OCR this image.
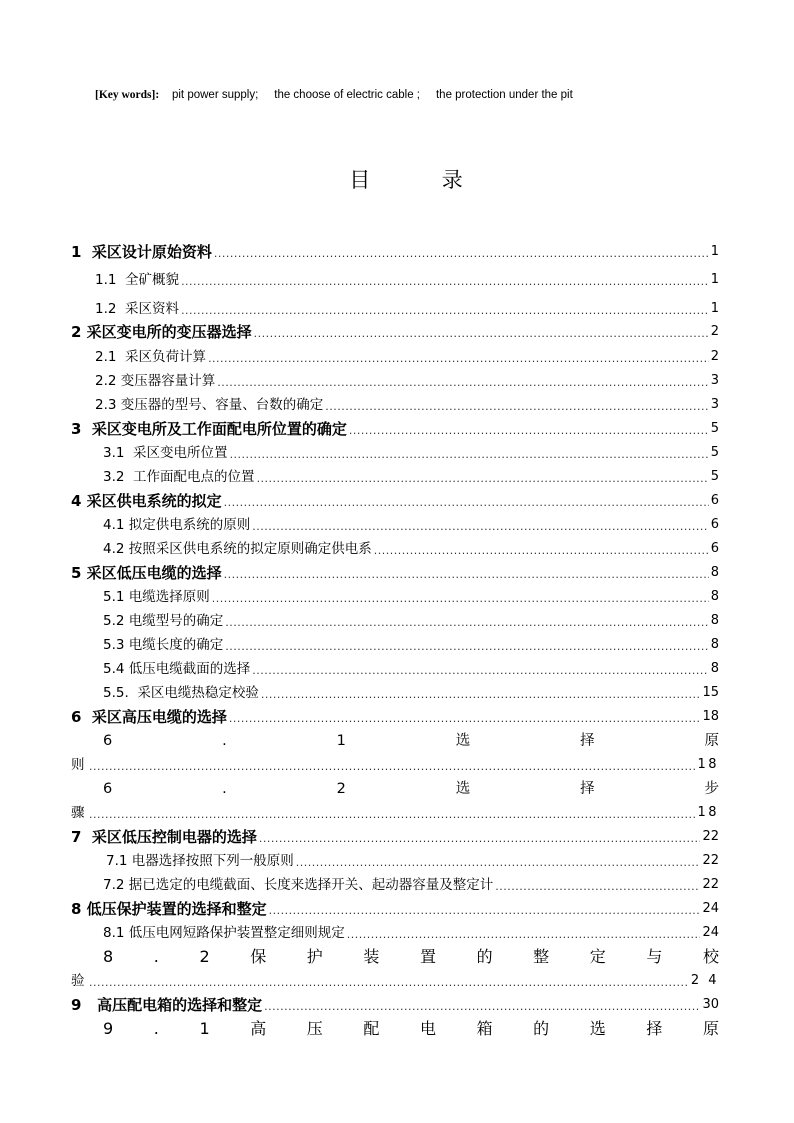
[Key words]:    pit power supply;     the choose of electric cable ;     the protection under the pit
目        录
1  采区设计原始资料 .....	1
1.1  全矿概貌 .....	1
1.2  采区资料 .....	1
2 采区变电所的变压器选择 .....	2
2.1  采区负荷计算 .....	2
2.2 变压器容量计算 .....	3
2.3 变压器的型号、容量、台数的确定 .....	3
3  采区变电所及工作面配电所位置的确定 .....	5
3.1  采区变电所位置 .....	5
3.2  工作面配电点的位置 .....	5
4 采区供电系统的拟定 .....	6
4.1 拟定供电系统的原则 .....	6
4.2 按照采区供电系统的拟定原则确定供电系 .....	6
5 采区低压电缆的选择 .....	8
5.1 电缆选择原则 .....	8
5.2 电缆型号的确定 .....	8
5.3 电缆长度的确定 .....	8
5.4 低压电缆截面的选择 .....	8
5.5.  采区电缆热稳定校验 .....	15
6  采区高压电缆的选择 .....	18
6	.	1	选	择	原
则 .....	18
6	.	2	选	择	步
骤 .....	18
7  采区低压控制电器的选择 .....	22
7.1 电器选择按照下列一般原则 .....	22
7.2 据已选定的电缆截面、长度来选择开关、起动器容量及整定计 .....	22
8 低压保护装置的选择和整定 .....	24
8.1 低压电网短路保护装置整定细则规定 .....	24
8	.	2	保	护	装	置	的	整	定	与	校
验 .....	2 4
9   高压配电箱的选择和整定 .....	30
9	.	1	高	压	配	电	箱	的	选	择	原
